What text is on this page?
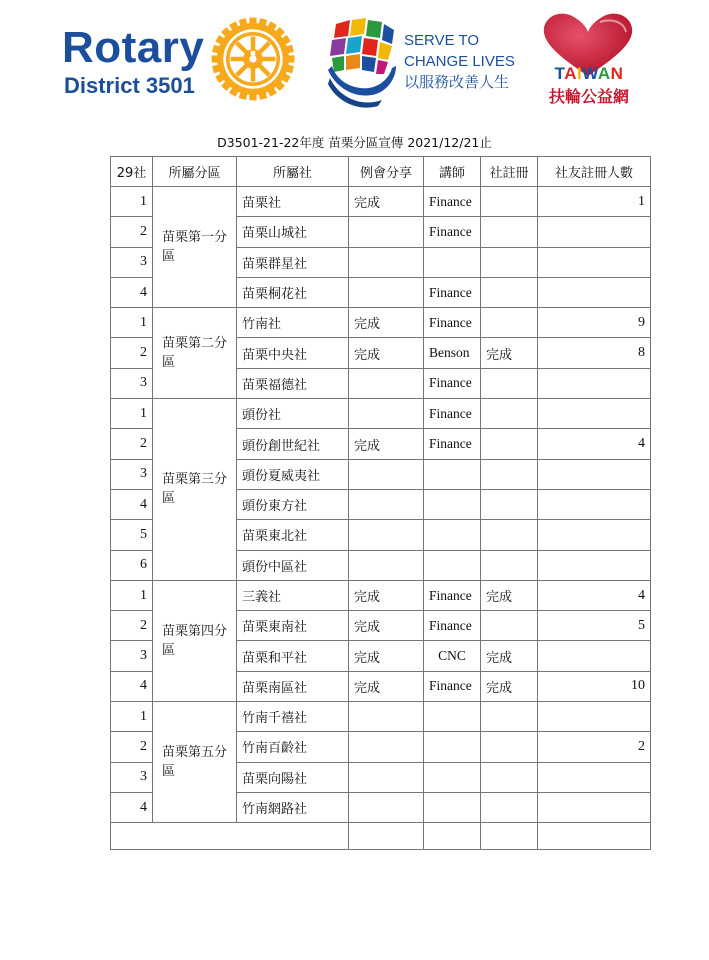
Rotary
District 3501
SERVE TO
CHANGE LIVES
以服務改善人生	TAIWAN
扶輪公益網
D3501-21-22年度 苗栗分區宣傳 2021/12/21止
29社	所屬分區	所屬社	例會分享	講師	社註冊	社友註冊人數
1	苗栗第一分區	苗栗社	完成	Finance		1
2		苗栗山城社		Finance		
3		苗栗群星社				
4		苗栗桐花社		Finance		
1	苗栗第二分區	竹南社	完成	Finance		9
2		苗栗中央社	完成	Benson	完成	8
3		苗栗福德社		Finance		
1	苗栗第三分區	頭份社		Finance		
2		頭份創世紀社	完成	Finance		4
3		頭份夏威夷社				
4		頭份東方社				
5		苗栗東北社				
6		頭份中區社				
1	苗栗第四分區	三義社	完成	Finance	完成	4
2		苗栗東南社	完成	Finance		5
3		苗栗和平社	完成	CNC	完成	
4		苗栗南區社	完成	Finance	完成	10
1	苗栗第五分區	竹南千禧社				
2		竹南百齡社				2
3		苗栗向陽社				
4		竹南網路社				
